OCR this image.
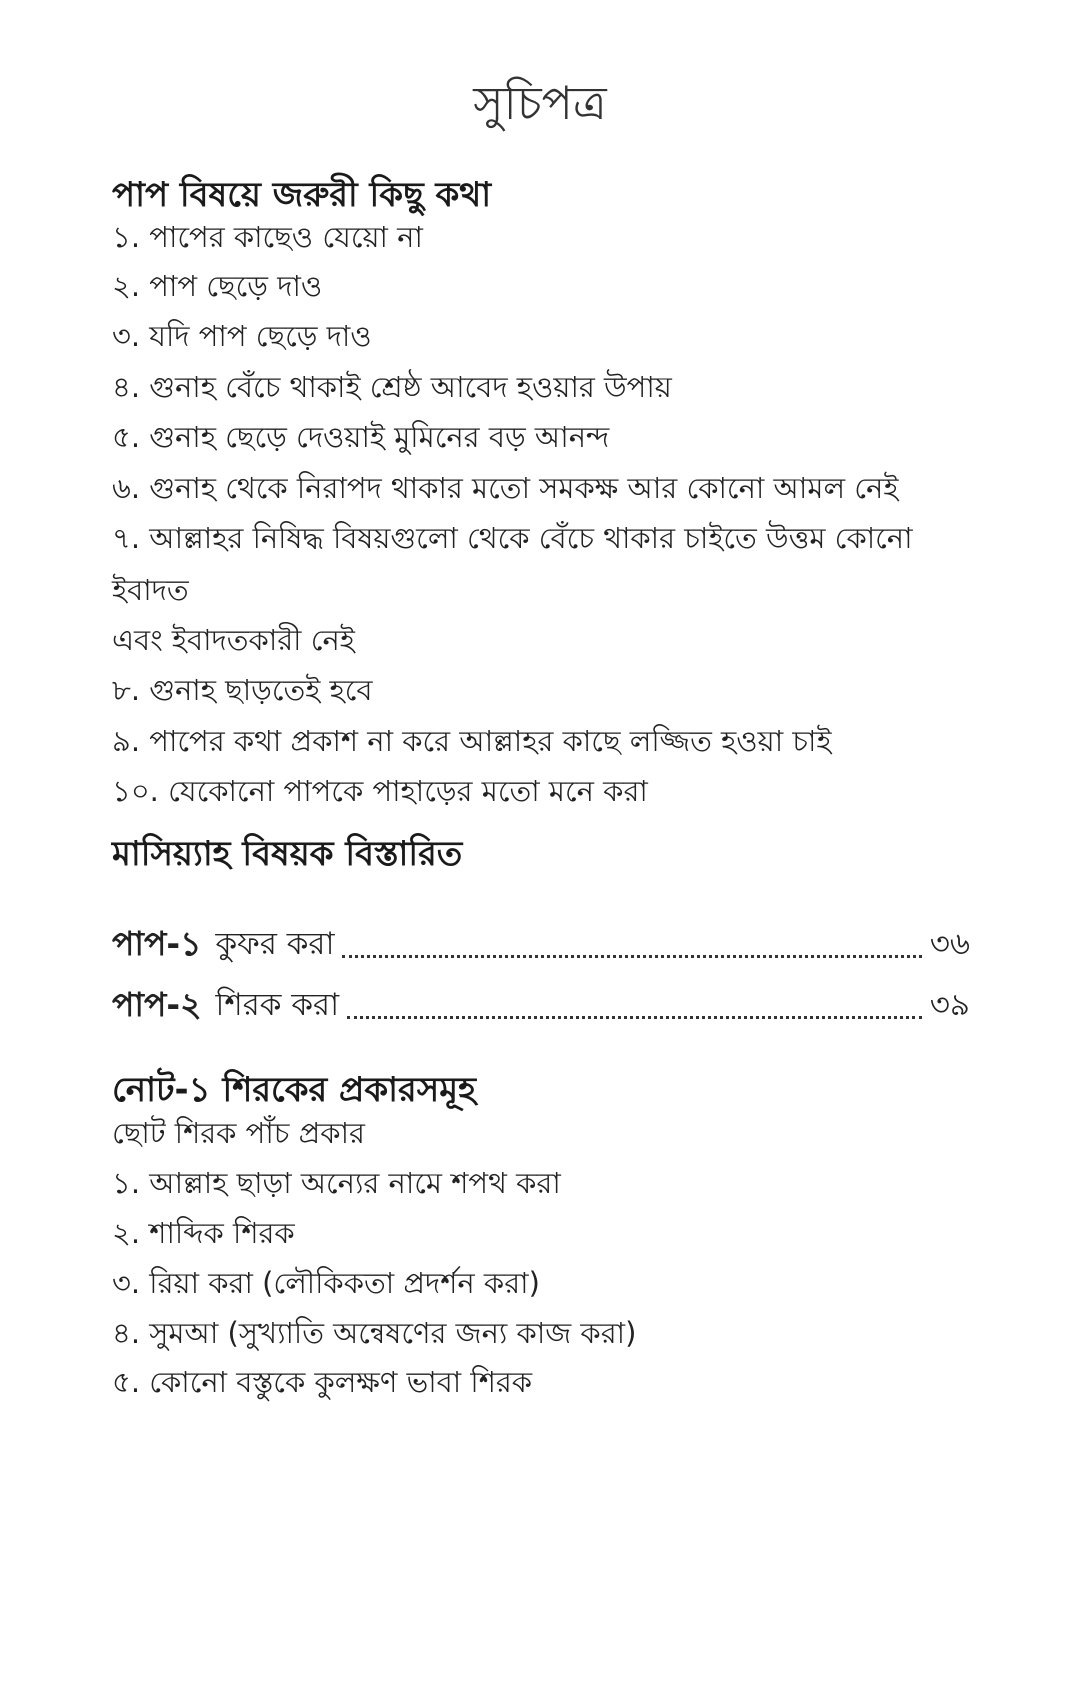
সুচিপত্র
পাপ বিষয়ে জরুরী কিছু কথা
১. পাপের কাছেও যেয়ো না
২. পাপ ছেড়ে দাও
৩. যদি পাপ ছেড়ে দাও
৪. গুনাহ বেঁচে থাকাই শ্রেষ্ঠ আবেদ হওয়ার উপায়
৫. গুনাহ ছেড়ে দেওয়াই মুমিনের বড় আনন্দ
৬. গুনাহ থেকে নিরাপদ থাকার মতো সমকক্ষ আর কোনো আমল নেই
৭. আল্লাহর নিষিদ্ধ বিষয়গুলো থেকে বেঁচে থাকার চাইতে উত্তম কোনো
ইবাদত
এবং ইবাদতকারী নেই
৮. গুনাহ ছাড়তেই হবে
৯. পাপের কথা প্রকাশ না করে আল্লাহর কাছে লজ্জিত হওয়া চাই
১০. যেকোনো পাপকে পাহাড়ের মতো মনে করা
মাসিয়্যাহ বিষয়ক বিস্তারিত
পাপ-১ কুফর করা	৩৬
পাপ-২ শিরক করা	৩৯
নোট-১ শিরকের প্রকারসমূহ
ছোট শিরক পাঁচ প্রকার
১. আল্লাহ ছাড়া অন্যের নামে শপথ করা
২. শাব্দিক শিরক
৩. রিয়া করা (লৌকিকতা প্রদর্শন করা)
৪. সুমআ (সুখ্যাতি অন্বেষণের জন্য কাজ করা)
৫. কোনো বস্তুকে কুলক্ষণ ভাবা শিরক
